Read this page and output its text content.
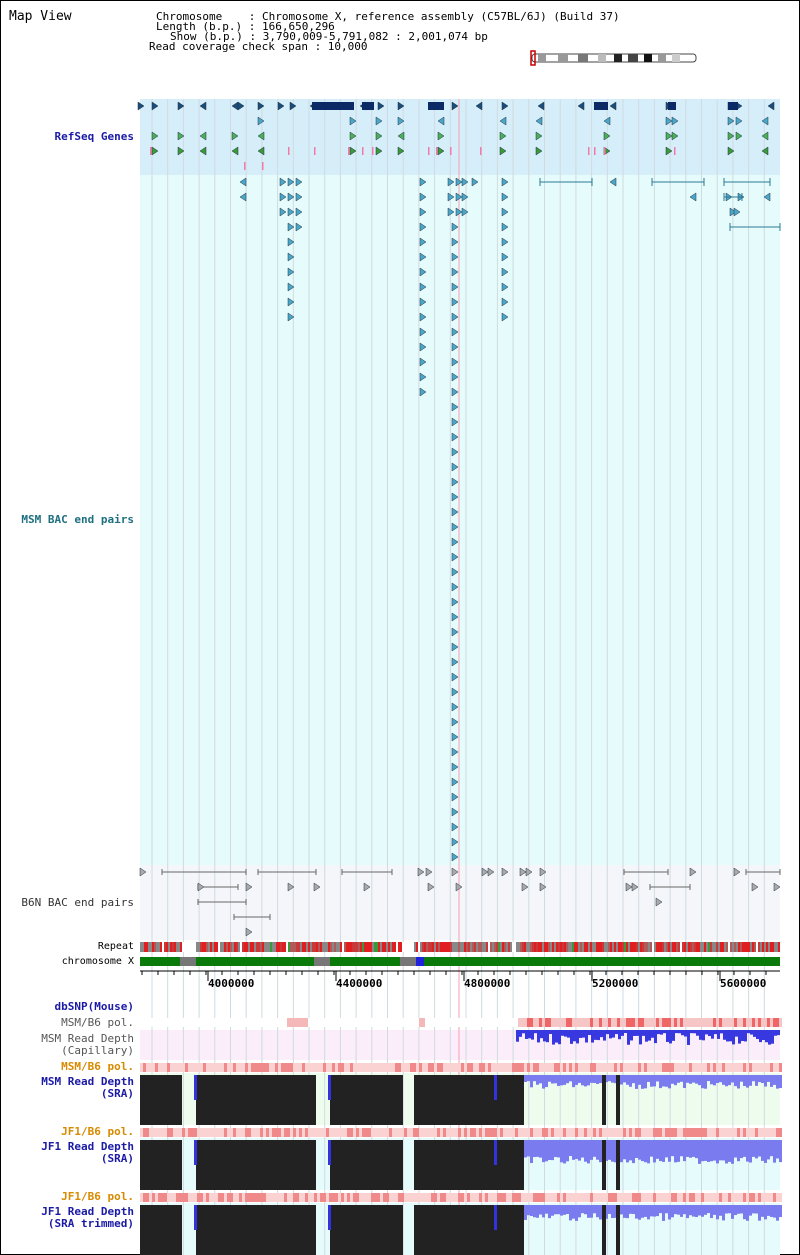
Map View	Chromosome    : Chromosome X, reference assembly (C57BL/6J) (Build 37)
Length (b.p.) : 166,650,296
Show (b.p.) : 3,790,009-5,791,082 : 2,001,074 bp
Read coverage check span : 10,000
RefSeq Genes
MSM BAC end pairs
B6N BAC end pairs
Repeat
chromosome X
dbSNP(Mouse)
MSM/B6 pol.
MSM Read Depth
(Capillary)
MSM/B6 pol.
MSM Read Depth
(SRA)
JF1/B6 pol.
JF1 Read Depth
(SRA)
JF1/B6 pol.
JF1 Read Depth
(SRA trimmed)
4000000	4400000	4800000	5200000	5600000
